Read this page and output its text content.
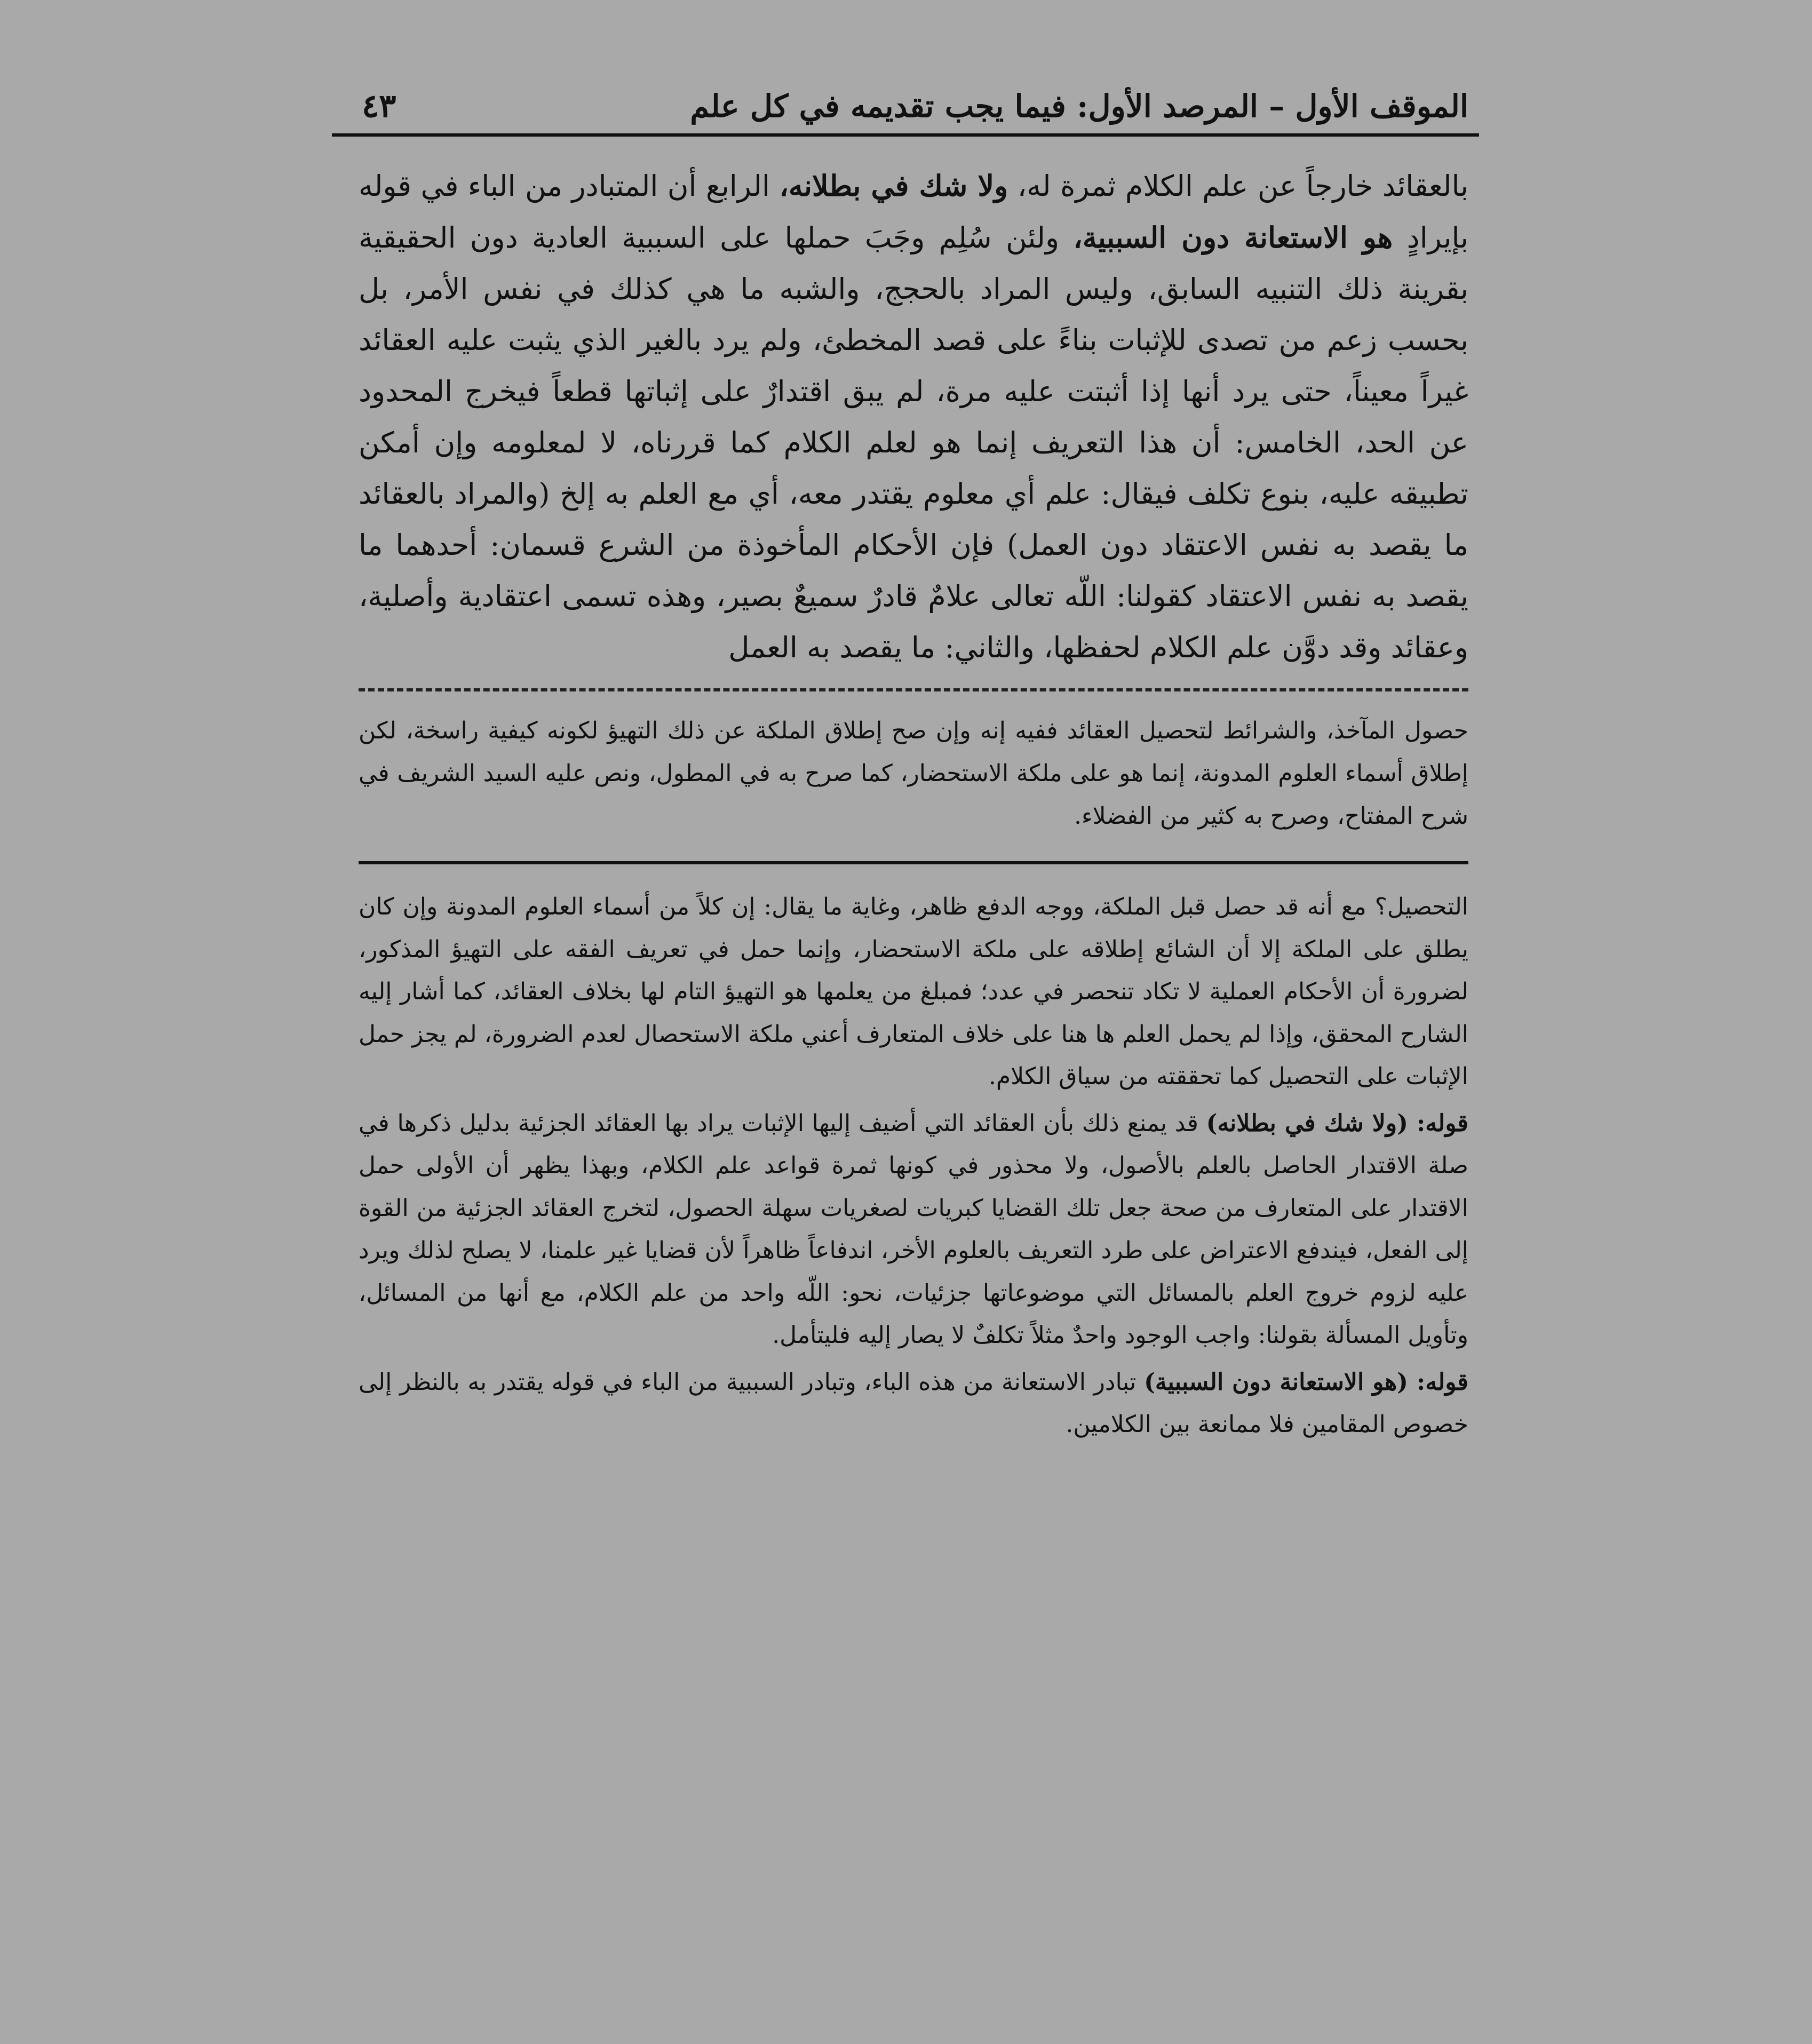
الموقف الأول – المرصد الأول: فيما يجب تقديمه في كل علم
٤٣
بالعقائد خارجاً عن علم الكلام ثمرة له، ولا شك في بطلانه، الرابع أن المتبادر من الباء في قوله بإيرادٍ هو الاستعانة دون السببية، ولئن سُلِم وجَبَ حملها على السببية العادية دون الحقيقية بقرينة ذلك التنبيه السابق، وليس المراد بالحجج، والشبه ما هي كذلك في نفس الأمر، بل بحسب زعم من تصدى للإثبات بناءً على قصد المخطئ، ولم يرد بالغير الذي يثبت عليه العقائد غيراً معيناً، حتى يرد أنها إذا أثبتت عليه مرة، لم يبق اقتدارٌ على إثباتها قطعاً فيخرج المحدود عن الحد، الخامس: أن هذا التعريف إنما هو لعلم الكلام كما قررناه، لا لمعلومه وإن أمكن تطبيقه عليه، بنوع تكلف فيقال: علم أي معلوم يقتدر معه، أي مع العلم به إلخ (والمراد بالعقائد ما يقصد به نفس الاعتقاد دون العمل) فإن الأحكام المأخوذة من الشرع قسمان: أحدهما ما يقصد به نفس الاعتقاد كقولنا: اللّه تعالى علامٌ قادرٌ سميعٌ بصير، وهذه تسمى اعتقادية وأصلية، وعقائد وقد دوَّن علم الكلام لحفظها، والثاني: ما يقصد به العمل
حصول المآخذ، والشرائط لتحصيل العقائد ففيه إنه وإن صح إطلاق الملكة عن ذلك التهيؤ لكونه كيفية راسخة، لكن إطلاق أسماء العلوم المدونة، إنما هو على ملكة الاستحضار، كما صرح به في المطول، ونص عليه السيد الشريف في شرح المفتاح، وصرح به كثير من الفضلاء.

التحصيل؟ مع أنه قد حصل قبل الملكة، ووجه الدفع ظاهر، وغاية ما يقال: إن كلاً من أسماء العلوم المدونة وإن كان يطلق على الملكة إلا أن الشائع إطلاقه على ملكة الاستحضار، وإنما حمل في تعريف الفقه على التهيؤ المذكور، لضرورة أن الأحكام العملية لا تكاد تنحصر في عدد؛ فمبلغ من يعلمها هو التهيؤ التام لها بخلاف العقائد، كما أشار إليه الشارح المحقق، وإذا لم يحمل العلم ها هنا على خلاف المتعارف أعني ملكة الاستحصال لعدم الضرورة، لم يجز حمل الإثبات على التحصيل كما تحققته من سياق الكلام.

قوله: (ولا شك في بطلانه) قد يمنع ذلك بأن العقائد التي أضيف إليها الإثبات يراد بها العقائد الجزئية بدليل ذكرها في صلة الاقتدار الحاصل بالعلم بالأصول، ولا محذور في كونها ثمرة قواعد علم الكلام، وبهذا يظهر أن الأولى حمل الاقتدار على المتعارف من صحة جعل تلك القضايا كبريات لصغريات سهلة الحصول، لتخرج العقائد الجزئية من القوة إلى الفعل، فيندفع الاعتراض على طرد التعريف بالعلوم الأخر، اندفاعاً ظاهراً لأن قضايا غير علمنا، لا يصلح لذلك ويرد عليه لزوم خروج العلم بالمسائل التي موضوعاتها جزئيات، نحو: اللّه واحد من علم الكلام، مع أنها من المسائل، وتأويل المسألة بقولنا: واجب الوجود واحدٌ مثلاً تكلفٌ لا يصار إليه فليتأمل.

قوله: (هو الاستعانة دون السببية) تبادر الاستعانة من هذه الباء، وتبادر السببية من الباء في قوله يقتدر به بالنظر إلى خصوص المقامين فلا ممانعة بين الكلامين.
